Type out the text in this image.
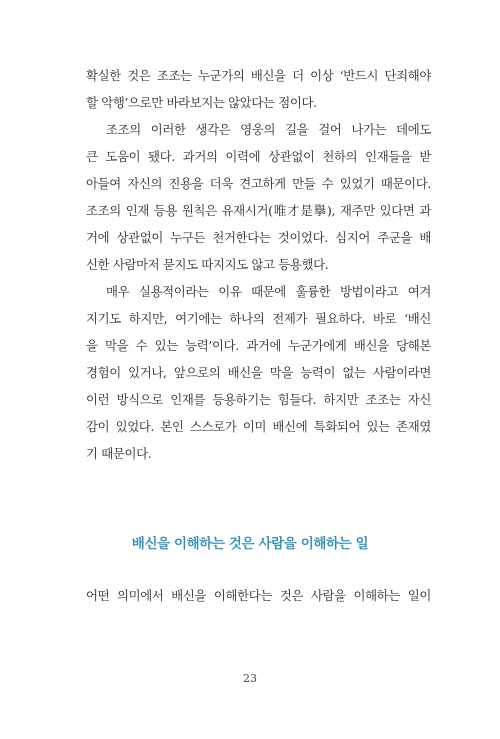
확실한 것은 조조는 누군가의 배신을 더 이상 ‘반드시 단죄해야
할 악행’으로만 바라보지는 않았다는 점이다.
조조의 이러한 생각은 영웅의 길을 걸어 나가는 데에도
큰 도움이 됐다. 과거의 이력에 상관없이 천하의 인재들을 받
아들여 자신의 진용을 더욱 견고하게 만들 수 있었기 때문이다.
조조의 인재 등용 원칙은 유재시거(唯才是擧), 재주만 있다면 과
거에 상관없이 누구든 천거한다는 것이었다. 심지어 주군을 배
신한 사람마저 묻지도 따지지도 않고 등용했다.
매우 실용적이라는 이유 때문에 훌륭한 방법이라고 여겨
지기도 하지만, 여기에는 하나의 전제가 필요하다. 바로 ‘배신
을 막을 수 있는 능력’이다. 과거에 누군가에게 배신을 당해본
경험이 있거나, 앞으로의 배신을 막을 능력이 없는 사람이라면
이런 방식으로 인재를 등용하기는 힘들다. 하지만 조조는 자신
감이 있었다. 본인 스스로가 이미 배신에 특화되어 있는 존재였
기 때문이다.
배신을 이해하는 것은 사람을 이해하는 일
어떤 의미에서 배신을 이해한다는 것은 사람을 이해하는 일이
23
